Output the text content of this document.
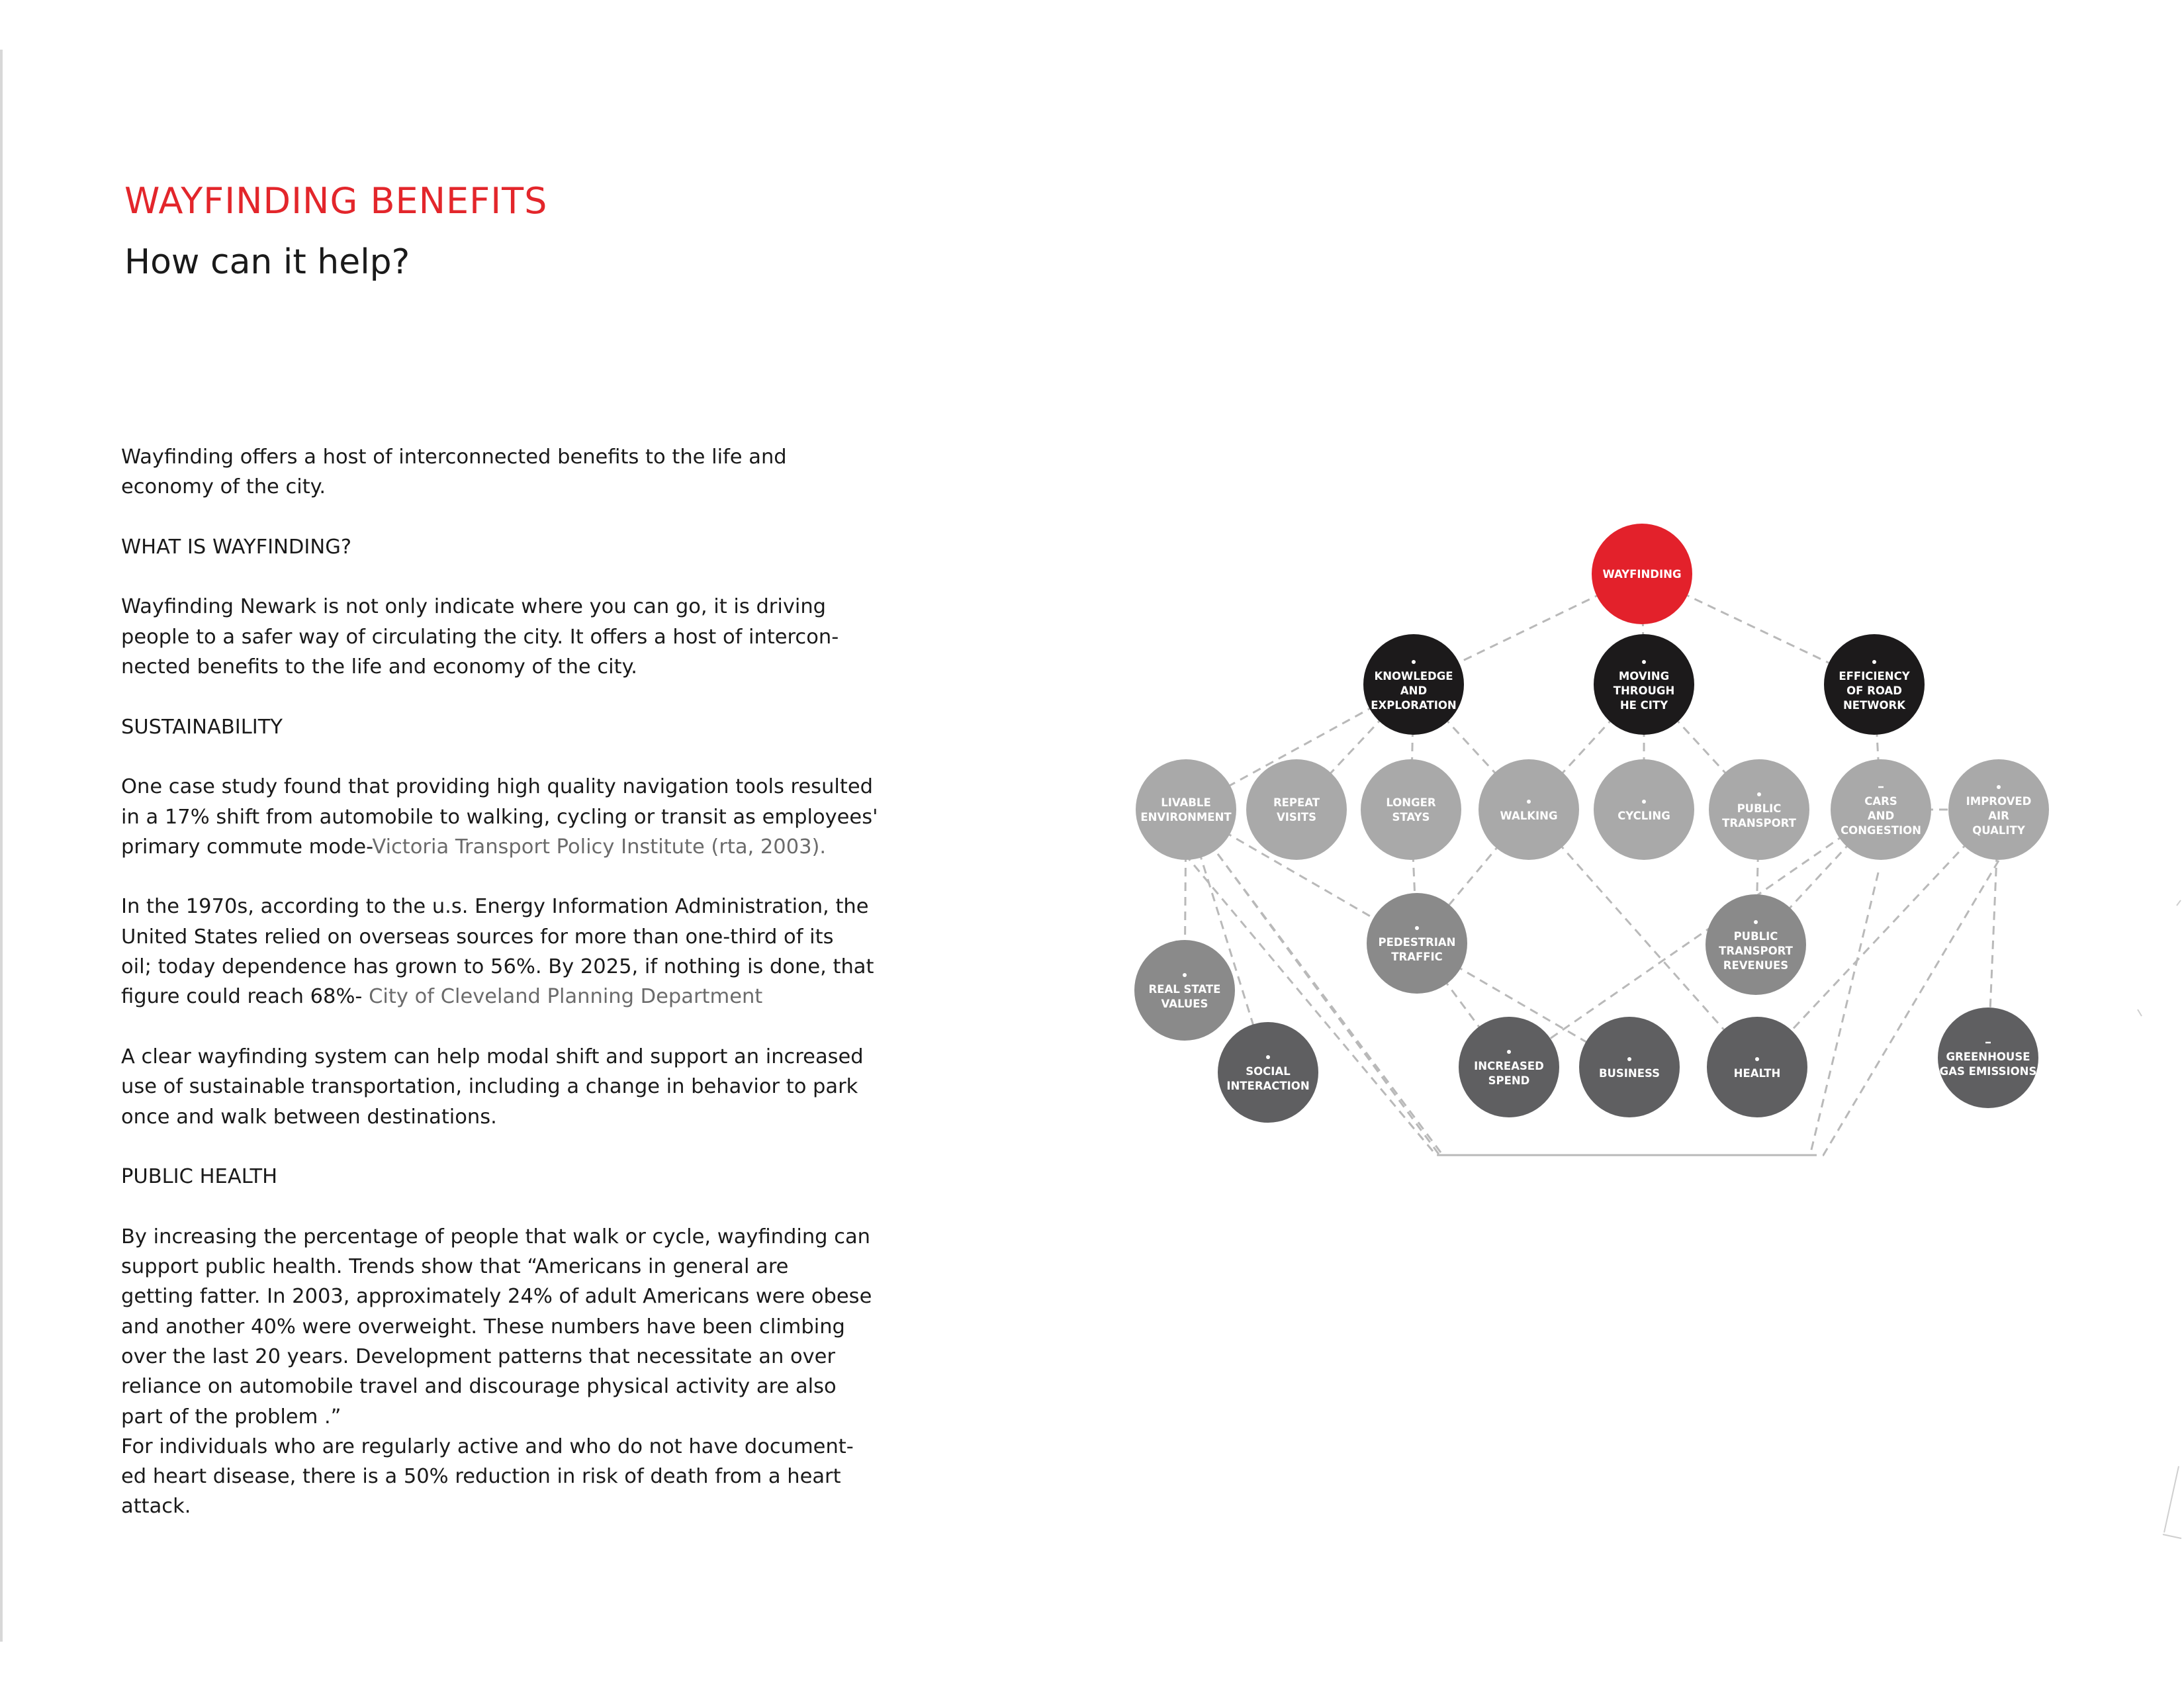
WAYFINDING BENEFITS
How can it help?

Wayfinding offers a host of interconnected benefits to the life and
economy of the city.

WHAT IS WAYFINDING?

Wayfinding Newark is not only indicate where you can go, it is driving
people to a safer way of circulating the city. It offers a host of intercon-
nected benefits to the life and economy of the city.

SUSTAINABILITY

One case study found that providing high quality navigation tools resulted
in a 17% shift from automobile to walking, cycling or transit as employees'
primary commute mode-Victoria Transport Policy Institute (rta, 2003).

In the 1970s, according to the u.s. Energy Information Administration, the
United States relied on overseas sources for more than one-third of its
oil; today dependence has grown to 56%. By 2025, if nothing is done, that
figure could reach 68%- City of Cleveland Planning Department

A clear wayfinding system can help modal shift and support an increased
use of sustainable transportation, including a change in behavior to park
once and walk between destinations.

PUBLIC HEALTH

By increasing the percentage of people that walk or cycle, wayfinding can
support public health. Trends show that “Americans in general are
getting fatter. In 2003, approximately 24% of adult Americans were obese
and another 40% were overweight. These numbers have been climbing
over the last 20 years. Development patterns that necessitate an over
reliance on automobile travel and discourage physical activity are also
part of the problem .”
For individuals who are regularly active and who do not have document-
ed heart disease, there is a 50% reduction in risk of death from a heart
attack.

WAYFINDING
KNOWLEDGE
AND
EXPLORATION
MOVING
THROUGH
HE CITY
EFFICIENCY
OF ROAD
NETWORK
LIVABLE
ENVIRONMENT
REPEAT
VISITS
LONGER
STAYS	WALKING	CYCLING
PUBLIC
TRANSPORT
CARS
AND
CONGESTION
IMPROVED
AIR
QUALITY
PEDESTRIAN
TRAFFIC
PUBLIC
TRANSPORT
REVENUES
REAL STATE
VALUES
SOCIAL
INTERACTION
INCREASED
SPEND
BUSINESS	HEALTH
GREENHOUSE
GAS EMISSIONS
